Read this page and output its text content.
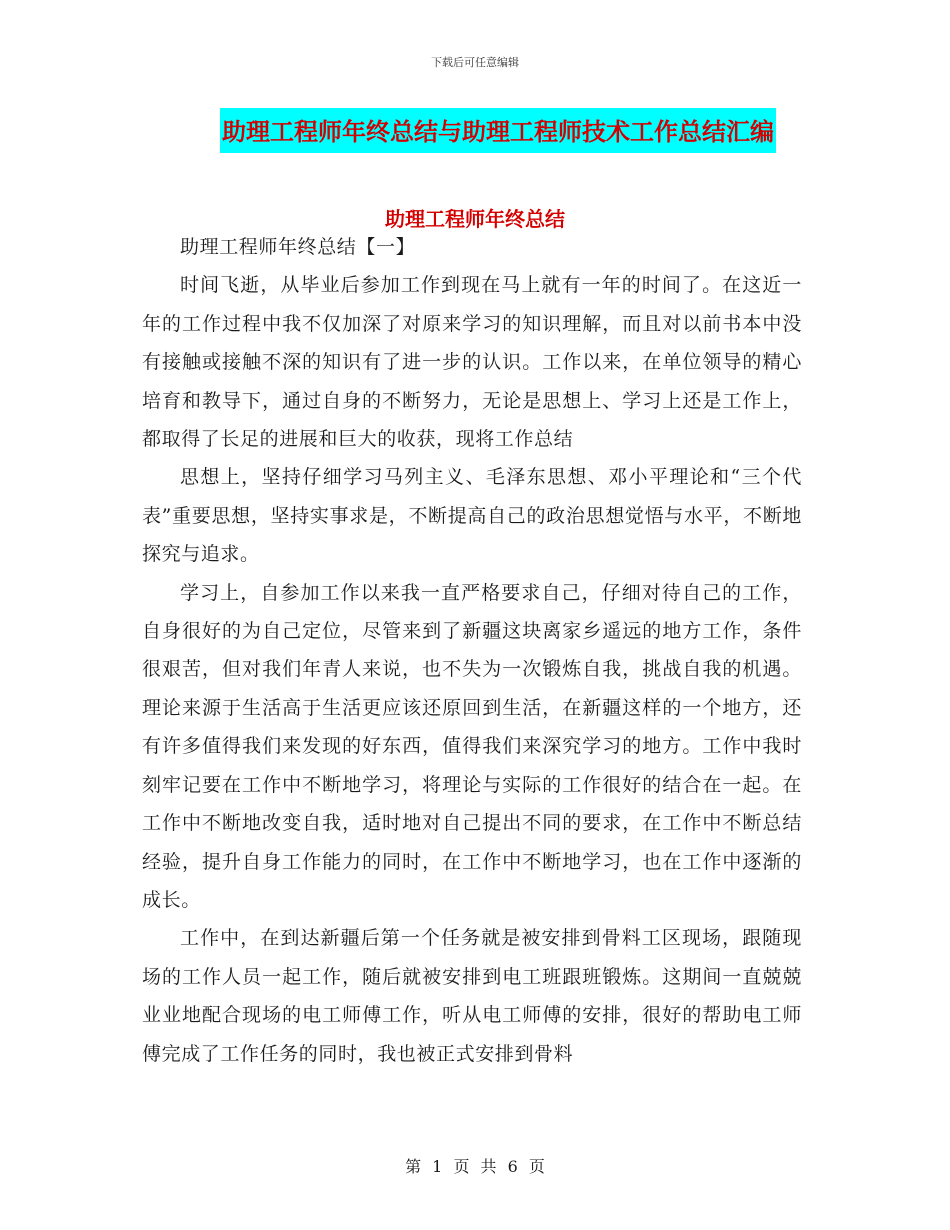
下载后可任意编辑
助理工程师年终总结与助理工程师技术工作总结汇编
助理工程师年终总结

助理工程师年终总结【一】

时间飞逝，从毕业后参加工作到现在马上就有一年的时间了。在这近一年的工作过程中我不仅加深了对原来学习的知识理解，而且对以前书本中没有接触或接触不深的知识有了进一步的认识。工作以来，在单位领导的精心培育和教导下，通过自身的不断努力，无论是思想上、学习上还是工作上，都取得了长足的进展和巨大的收获，现将工作总结

思想上，坚持仔细学习马列主义、毛泽东思想、邓小平理论和“三个代表”重要思想，坚持实事求是，不断提高自己的政治思想觉悟与水平，不断地探究与追求。

学习上，自参加工作以来我一直严格要求自己，仔细对待自己的工作，自身很好的为自己定位，尽管来到了新疆这块离家乡遥远的地方工作，条件很艰苦，但对我们年青人来说，也不失为一次锻炼自我，挑战自我的机遇。理论来源于生活高于生活更应该还原回到生活，在新疆这样的一个地方，还有许多值得我们来发现的好东西，值得我们来深究学习的地方。工作中我时刻牢记要在工作中不断地学习，将理论与实际的工作很好的结合在一起。在工作中不断地改变自我，适时地对自己提出不同的要求，在工作中不断总结经验，提升自身工作能力的同时，在工作中不断地学习，也在工作中逐渐的成长。

工作中，在到达新疆后第一个任务就是被安排到骨料工区现场，跟随现场的工作人员一起工作，随后就被安排到电工班跟班锻炼。这期间一直兢兢业业地配合现场的电工师傅工作，听从电工师傅的安排，很好的帮助电工师傅完成了工作任务的同时，我也被正式安排到骨料

第 1 页 共 6 页
